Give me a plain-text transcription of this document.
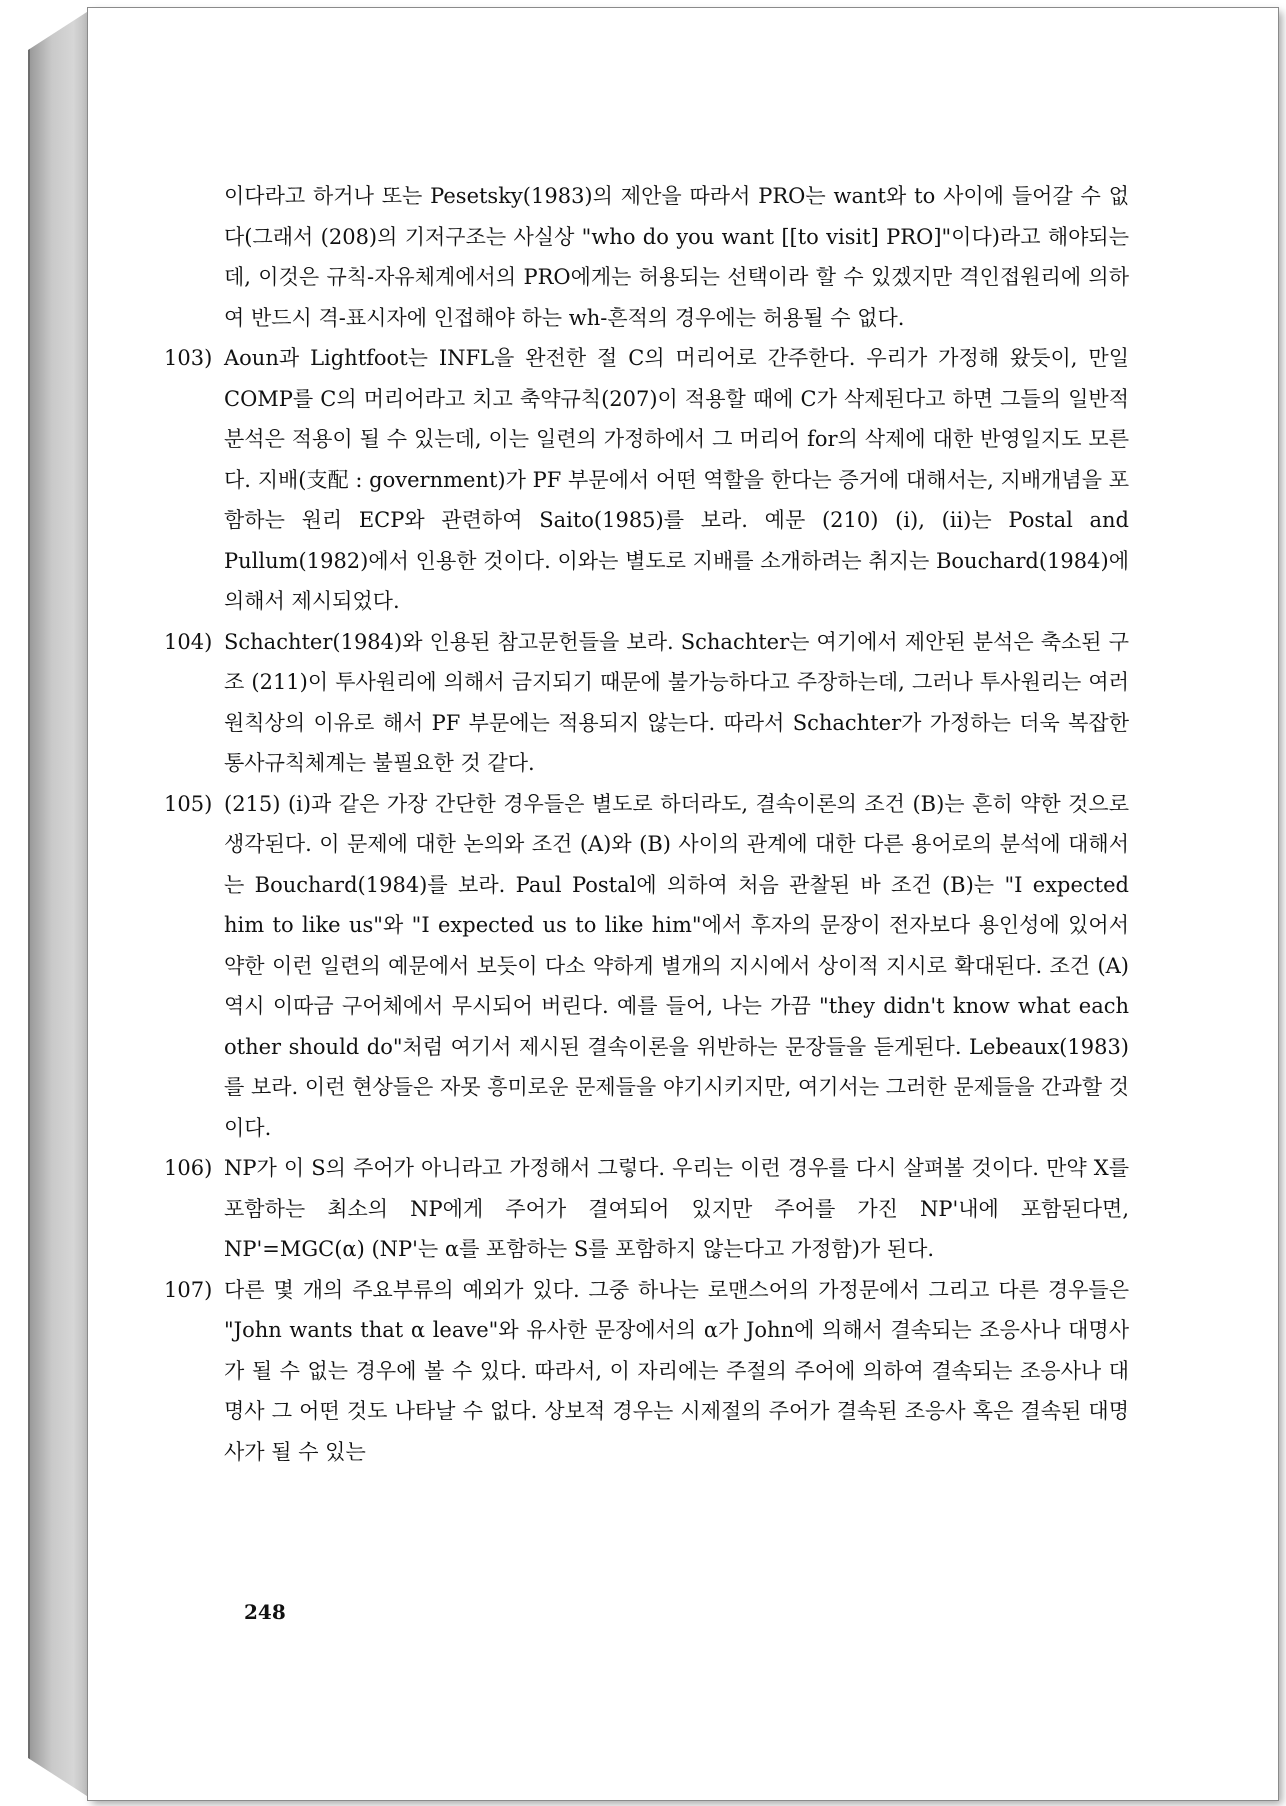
이다라고 하거나 또는 Pesetsky(1983)의 제안을 따라서 PRO는 want와 to 사이에 들어갈 수 없다(그래서 (208)의 기저구조는 사실상 "who do you want [[to visit] PRO]"이다)라고 해야되는데, 이것은 규칙-자유체계에서의 PRO에게는 허용되는 선택이라 할 수 있겠지만 격인접원리에 의하여 반드시 격-표시자에 인접해야 하는 wh-흔적의 경우에는 허용될 수 없다.

103) Aoun과 Lightfoot는 INFL을 완전한 절 C의 머리어로 간주한다. 우리가 가정해 왔듯이, 만일 COMP를 C의 머리어라고 치고 축약규칙(207)이 적용할 때에 C가 삭제된다고 하면 그들의 일반적 분석은 적용이 될 수 있는데, 이는 일련의 가정하에서 그 머리어 for의 삭제에 대한 반영일지도 모른다. 지배(支配 : government)가 PF 부문에서 어떤 역할을 한다는 증거에 대해서는, 지배개념을 포함하는 원리 ECP와 관련하여 Saito(1985)를 보라. 예문 (210) (i), (ii)는 Postal and Pullum(1982)에서 인용한 것이다. 이와는 별도로 지배를 소개하려는 취지는 Bouchard(1984)에 의해서 제시되었다.
104) Schachter(1984)와 인용된 참고문헌들을 보라. Schachter는 여기에서 제안된 분석은 축소된 구조 (211)이 투사원리에 의해서 금지되기 때문에 불가능하다고 주장하는데, 그러나 투사원리는 여러 원칙상의 이유로 해서 PF 부문에는 적용되지 않는다. 따라서 Schachter가 가정하는 더욱 복잡한 통사규칙체계는 불필요한 것 같다.
105) (215) (i)과 같은 가장 간단한 경우들은 별도로 하더라도, 결속이론의 조건 (B)는 흔히 약한 것으로 생각된다. 이 문제에 대한 논의와 조건 (A)와 (B) 사이의 관계에 대한 다른 용어로의 분석에 대해서는 Bouchard(1984)를 보라. Paul Postal에 의하여 처음 관찰된 바 조건 (B)는 "I expected him to like us"와 "I expected us to like him"에서 후자의 문장이 전자보다 용인성에 있어서 약한 이런 일련의 예문에서 보듯이 다소 약하게 별개의 지시에서 상이적 지시로 확대된다. 조건 (A) 역시 이따금 구어체에서 무시되어 버린다. 예를 들어, 나는 가끔 "they didn't know what each other should do"처럼 여기서 제시된 결속이론을 위반하는 문장들을 듣게된다. Lebeaux(1983)를 보라. 이런 현상들은 자못 흥미로운 문제들을 야기시키지만, 여기서는 그러한 문제들을 간과할 것이다.
106) NP가 이 S의 주어가 아니라고 가정해서 그렇다. 우리는 이런 경우를 다시 살펴볼 것이다. 만약 X를 포함하는 최소의 NP에게 주어가 결여되어 있지만 주어를 가진 NP'내에 포함된다면, NP'=MGC(α) (NP'는 α를 포함하는 S를 포함하지 않는다고 가정함)가 된다.
107) 다른 몇 개의 주요부류의 예외가 있다. 그중 하나는 로맨스어의 가정문에서 그리고 다른 경우들은 "John wants that α leave"와 유사한 문장에서의 α가 John에 의해서 결속되는 조응사나 대명사가 될 수 없는 경우에 볼 수 있다. 따라서, 이 자리에는 주절의 주어에 의하여 결속되는 조응사나 대명사 그 어떤 것도 나타날 수 없다. 상보적 경우는 시제절의 주어가 결속된 조응사 혹은 결속된 대명사가 될 수 있는
248
